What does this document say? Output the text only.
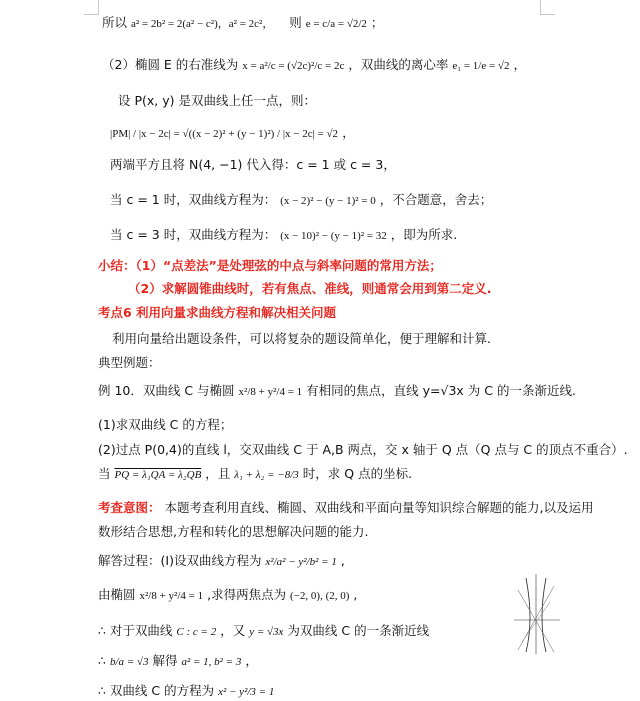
所以 a² = 2b² = 2(a² − c²)，a² = 2c²， 则 e = c/a = √2/2 ；
（2）椭圆 E 的右准线为 x = a²/c = (√2c)²/c = 2c ，双曲线的离心率 e₁ = 1/e = √2 ，
设 P(x, y) 是双曲线上任一点，则：
|PM| / |x − 2c| = √((x − 2)² + (y − 1)²) / |x − 2c| = √2 ，
两端平方且将 N(4, −1) 代入得：c = 1 或 c = 3，
当 c = 1 时，双曲线方程为： (x − 2)² − (y − 1)² = 0 ，不合题意，舍去；
当 c = 3 时，双曲线方程为： (x − 10)² − (y − 1)² = 32 ，即为所求.
小结：（1）“点差法”是处理弦的中点与斜率问题的常用方法；
（2）求解圆锥曲线时，若有焦点、准线，则通常会用到第二定义.
考点6 利用向量求曲线方程和解决相关问题
利用向量给出题设条件，可以将复杂的题设简单化，便于理解和计算.
典型例题：
例 10．双曲线 C 与椭圆 x²/8 + y²/4 = 1 有相同的焦点，直线 y=√3x 为 C 的一条渐近线.
(1)求双曲线 C 的方程；
(2)过点 P(0,4)的直线 l，交双曲线 C 于 A,B 两点，交 x 轴于 Q 点（Q 点与 C 的顶点不重合）.
当 PQ = λ₁QA = λ₂QB ，且 λ₁ + λ₂ = −8/3 时，求 Q 点的坐标.
考查意图： 本题考查利用直线、椭圆、双曲线和平面向量等知识综合解题的能力,以及运用
数形结合思想,方程和转化的思想解决问题的能力.
解答过程：(Ⅰ)设双曲线方程为 x²/a² − y²/b² = 1 ,
由椭圆 x²/8 + y²/4 = 1 ,求得两焦点为 (−2, 0), (2, 0) ,
∴ 对于双曲线 C : c = 2 ，又 y = √3x 为双曲线 C 的一条渐近线
∴ b/a = √3 解得 a² = 1, b² = 3 ，
∴ 双曲线 C 的方程为 x² − y²/3 = 1
